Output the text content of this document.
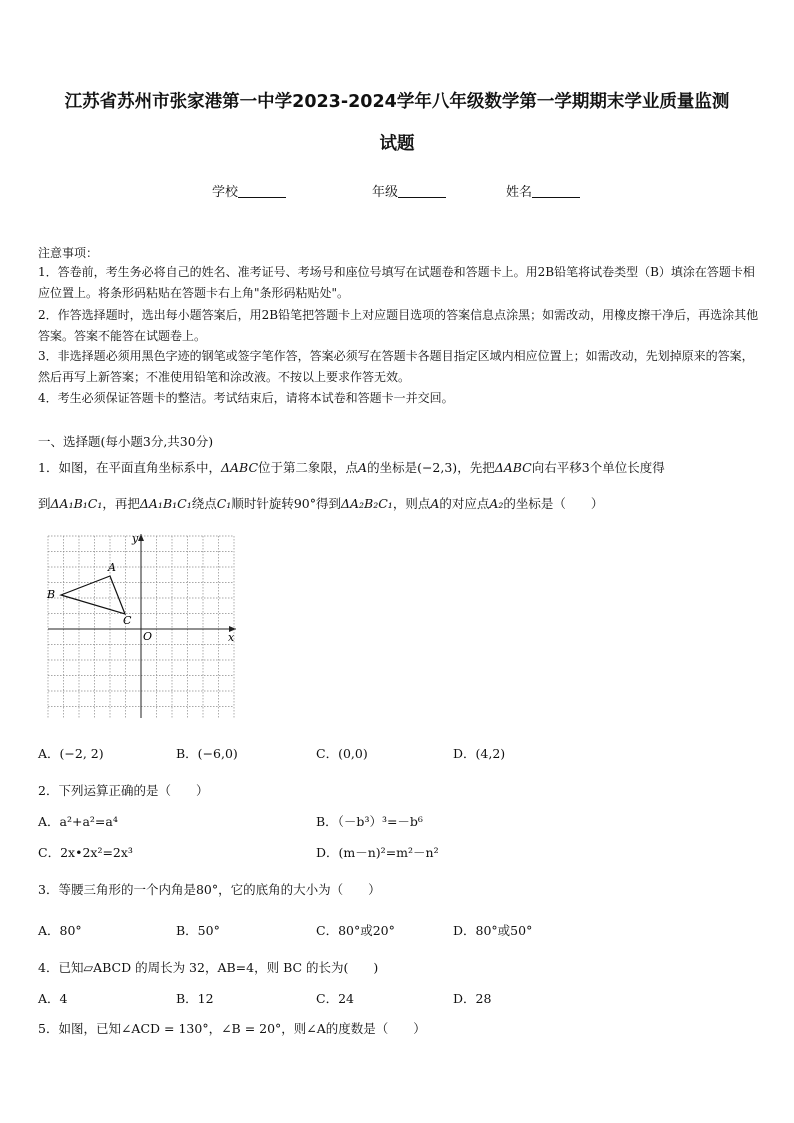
江苏省苏州市张家港第一中学2023-2024学年八年级数学第一学期期末学业质量监测
试题
学校	年级	姓名
注意事项：
1．答卷前，考生务必将自己的姓名、准考证号、考场号和座位号填写在试题卷和答题卡上。用2B铅笔将试卷类型（B）填涂在答题卡相应位置上。将条形码粘贴在答题卡右上角"条形码粘贴处"。
2．作答选择题时，选出每小题答案后，用2B铅笔把答题卡上对应题目选项的答案信息点涂黑；如需改动，用橡皮擦干净后，再选涂其他答案。答案不能答在试题卷上。
3．非选择题必须用黑色字迹的钢笔或签字笔作答，答案必须写在答题卡各题目指定区域内相应位置上；如需改动，先划掉原来的答案，然后再写上新答案；不准使用铅笔和涂改液。不按以上要求作答无效。
4．考生必须保证答题卡的整洁。考试结束后，请将本试卷和答题卡一并交回。
一、选择题(每小题3分,共30分)
1．如图，在平面直角坐标系中，ΔABC位于第二象限，点A的坐标是(−2,3)，先把ΔABC向右平移3个单位长度得
到ΔA₁B₁C₁，再把ΔA₁B₁C₁绕点C₁顺时针旋转90°得到ΔA₂B₂C₁，则点A的对应点A₂的坐标是（　　）
y
x
O
A
B
C
A．(−2, 2)	B．(−6,0)	C．(0,0)	D．(4,2)
2．下列运算正确的是（　　）
A．a²+a²=a⁴	B．（－b³）³=－b⁶
C．2x•2x²=2x³	D．(m－n)²=m²－n²
3．等腰三角形的一个内角是80°，它的底角的大小为（　　）
A．80°	B．50°	C．80°或20°	D．80°或50°
4．已知▱ABCD 的周长为 32，AB=4，则 BC 的长为(　　)
A．4	B．12	C．24	D．28
5．如图，已知∠ACD = 130°，∠B = 20°，则∠A的度数是（　　）
